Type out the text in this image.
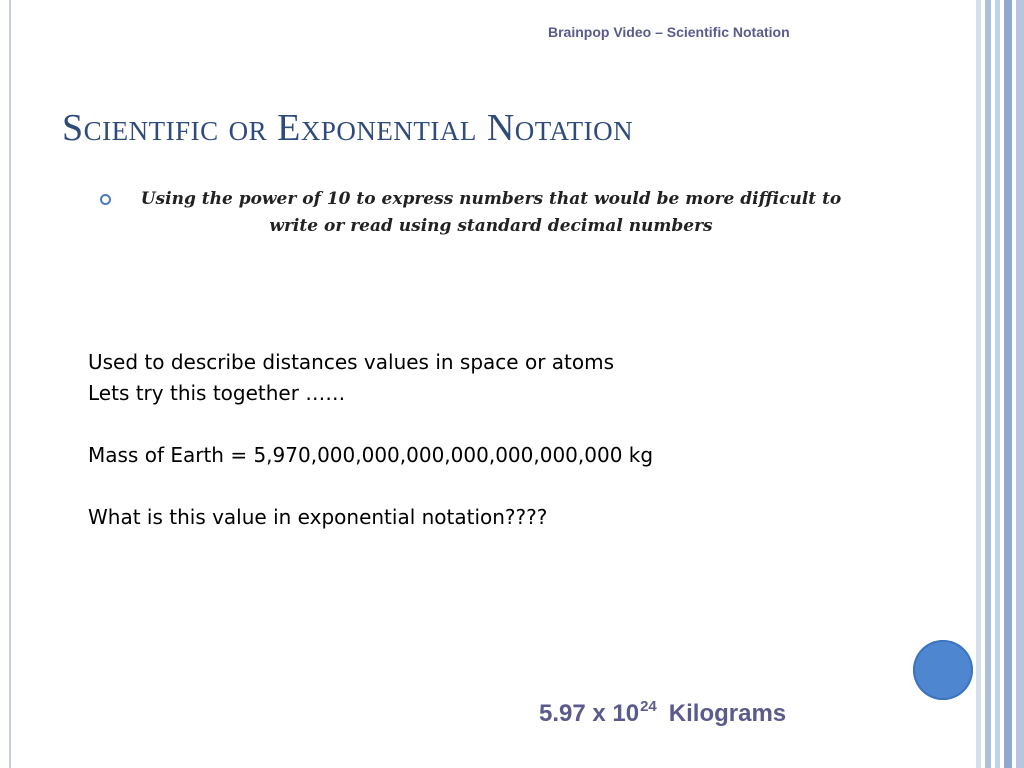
Brainpop Video – Scientific Notation
Scientific or Exponential Notation

Using the power of 10 to express numbers that would be more difficult to write or read using standard decimal numbers

Used to describe distances values in space or atoms
Lets try this together ……
Mass of Earth = 5,970,000,000,000,000,000,000,000 kg
What is this value in exponential notation????
5.97 x $10^{24}$ Kilograms
